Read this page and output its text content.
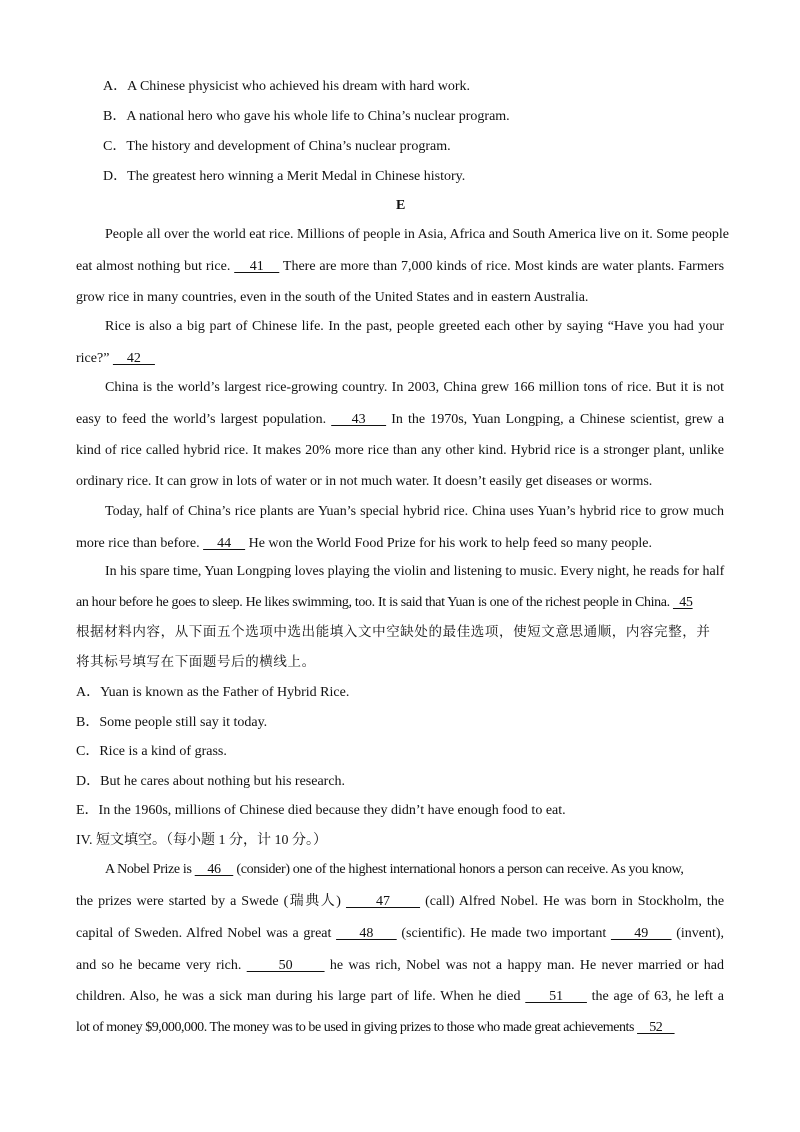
A．A Chinese physicist who achieved his dream with hard work.
B．A national hero who gave his whole life to China’s nuclear program.
C．The history and development of China’s nuclear program.
D．The greatest hero winning a Merit Medal in Chinese history.
E
People all over the world eat rice. Millions of people in Asia, Africa and South America live on it. Some people
eat almost nothing but rice.     41     There are more than 7,000 kinds of rice. Most kinds are water plants. Farmers
grow rice in many countries, even in the south of the United States and in eastern Australia.
Rice is also a big part of Chinese life. In the past, people greeted each other by saying “Have you had your
rice?”     42
China is the world’s largest rice-growing country. In 2003, China grew 166 million tons of rice. But it is not
easy to feed the world’s largest population.     43     In the 1970s, Yuan Longping, a Chinese scientist, grew a
kind of rice called hybrid rice. It makes 20% more rice than any other kind. Hybrid rice is a stronger plant, unlike
ordinary rice. It can grow in lots of water or in not much water. It doesn’t easily get diseases or worms.
Today, half of China’s rice plants are Yuan’s special hybrid rice. China uses Yuan’s hybrid rice to grow much
more rice than before.     44     He won the World Food Prize for his work to help feed so many people.
In his spare time, Yuan Longping loves playing the violin and listening to music. Every night, he reads for half
an hour before he goes to sleep. He likes swimming, too. It is said that Yuan is one of the richest people in China.   45
根据材料内容，从下面五个选项中选出能填入文中空缺处的最佳选项，使短文意思通顺，内容完整，并
将其标号填写在下面题号后的横线上。
A．Yuan is known as the Father of Hybrid Rice.
B．Some people still say it today.
C．Rice is a kind of grass.
D．But he cares about nothing but his research.
E．In the 1960s, millions of Chinese died because they didn’t have enough food to eat.
IV. 短文填空。（每小题 1 分，计 10 分。）
A Nobel Prize is     46     (consider) one of the highest international honors a person can receive. As you know,
the prizes were started by a Swede (瑞典人)       47       (call) Alfred Nobel. He was born in Stockholm, the
capital of Sweden. Alfred Nobel was a great      48      (scientific). He made two important      49      (invent),
and so he became very rich.       50       he was rich, Nobel was not a happy man. He never married or had
children. Also, he was a sick man during his large part of life. When he died      51      the age of 63, he left a
lot of money $9,000,000. The money was to be used in giving prizes to those who made great achievements     52
